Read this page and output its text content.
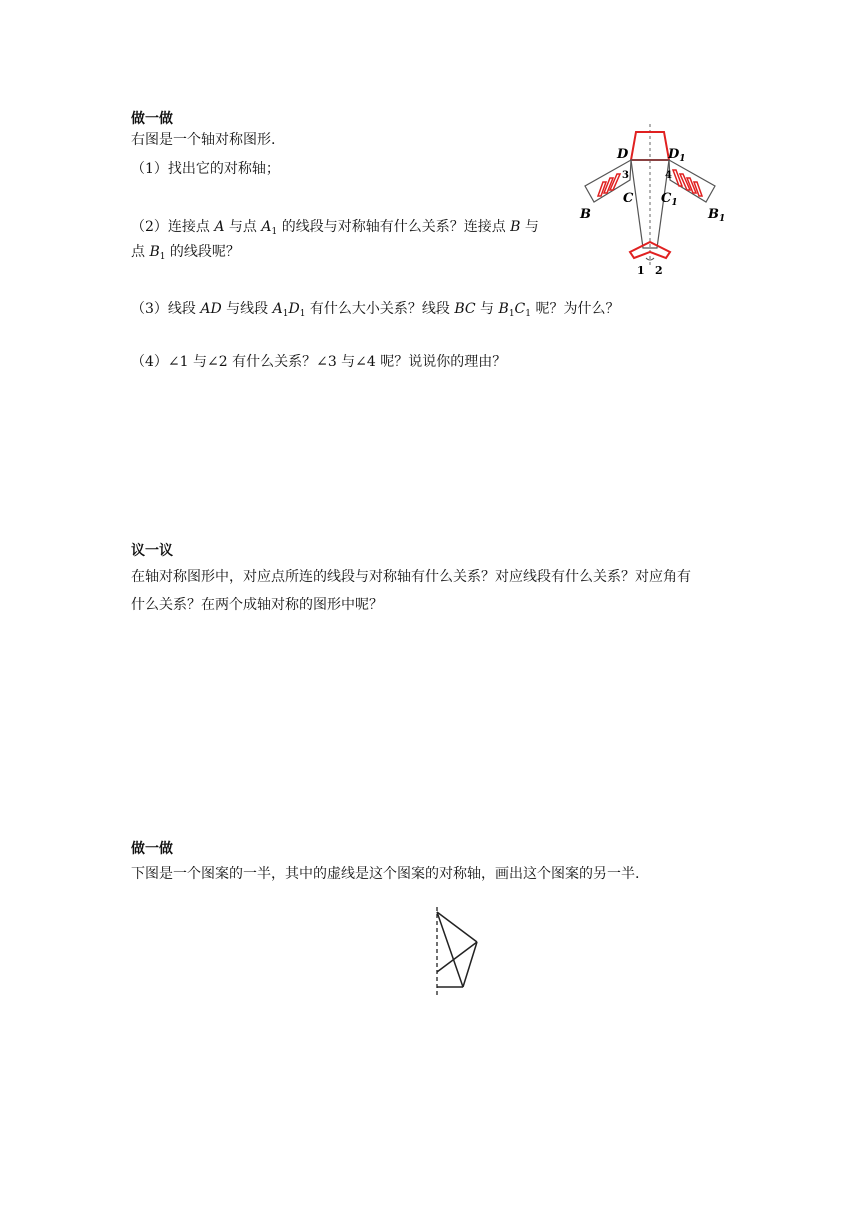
做一做
右图是一个轴对称图形.
（1）找出它的对称轴；
（2）连接点 A 与点 $A_1$ 的线段与对称轴有什么关系？连接点 B 与
点 $B_1$ 的线段呢？
（3）线段 AD 与线段 $A_1D_1$ 有什么大小关系？线段 BC 与 $B_1C_1$ 呢？为什么？
（4）∠1 与∠2 有什么关系？∠3 与∠4 呢？说说你的理由？
D	$D_1$
B	$B_1$
C $C_1$
3	4
1 2
议一议
在轴对称图形中，对应点所连的线段与对称轴有什么关系？对应线段有什么关系？对应角有
什么关系？在两个成轴对称的图形中呢？
做一做
下图是一个图案的一半，其中的虚线是这个图案的对称轴，画出这个图案的另一半.
